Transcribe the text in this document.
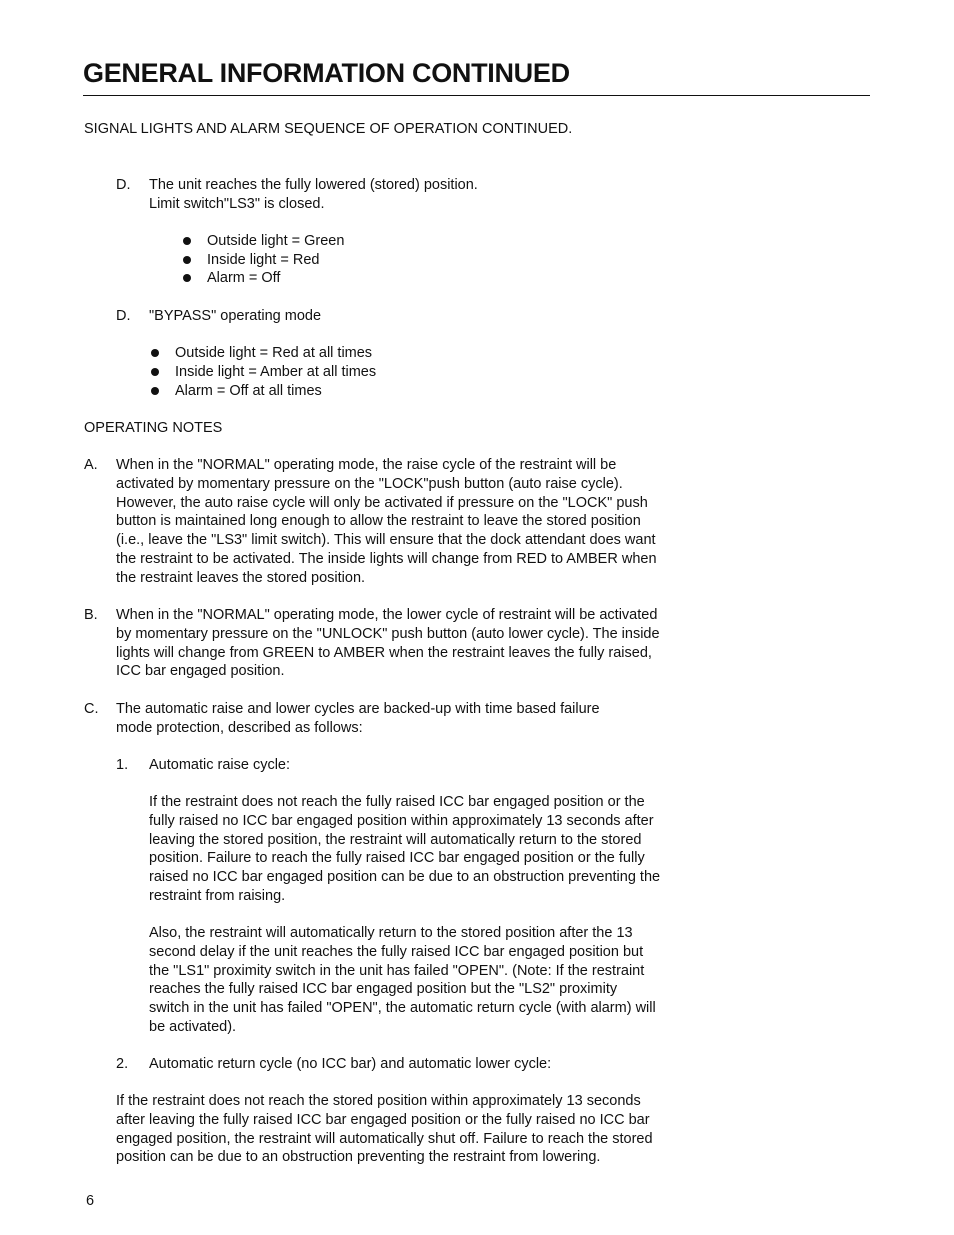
GENERAL INFORMATION CONTINUED
SIGNAL LIGHTS AND ALARM SEQUENCE OF OPERATION CONTINUED.
D. The unit reaches the fully lowered (stored) position.
Limit switch"LS3" is closed.
Outside light = Green
Inside light = Red
Alarm = Off
D. "BYPASS" operating mode
Outside light = Red at all times
Inside light = Amber at all times
Alarm = Off at all times
OPERATING NOTES
A. When in the "NORMAL" operating mode, the raise cycle of the restraint will be activated by momentary pressure on the "LOCK"push button (auto raise cycle). However, the auto raise cycle will only be activated if pressure on the "LOCK" push button is maintained long enough to allow the restraint to leave the stored position (i.e., leave the "LS3" limit switch). This will ensure that the dock attendant does want the restraint to be activated. The inside lights will change from RED to AMBER when the restraint leaves the stored position.

B. When in the "NORMAL" operating mode, the lower cycle of restraint will be activated by momentary pressure on the "UNLOCK" push button (auto lower cycle). The inside lights will change from GREEN to AMBER when the restraint leaves the fully raised, ICC bar engaged position.

C. The automatic raise and lower cycles are backed-up with time based failure mode protection, described as follows:

1. Automatic raise cycle:

If the restraint does not reach the fully raised ICC bar engaged position or the fully raised no ICC bar engaged position within approximately 13 seconds after leaving the stored position, the restraint will automatically return to the stored position. Failure to reach the fully raised ICC bar engaged position or the fully raised no ICC bar engaged position can be due to an obstruction preventing the restraint from raising.

Also, the restraint will automatically return to the stored position after the 13 second delay if the unit reaches the fully raised ICC bar engaged position but the "LS1" proximity switch in the unit has failed "OPEN". (Note: If the restraint reaches the fully raised ICC bar engaged position but the "LS2" proximity switch in the unit has failed "OPEN", the automatic return cycle (with alarm) will be activated).

2. Automatic return cycle (no ICC bar) and automatic lower cycle:

If the restraint does not reach the stored position within approximately 13 seconds after leaving the fully raised ICC bar engaged position or the fully raised no ICC bar engaged position, the restraint will automatically shut off. Failure to reach the stored position can be due to an obstruction preventing the restraint from lowering.

6
